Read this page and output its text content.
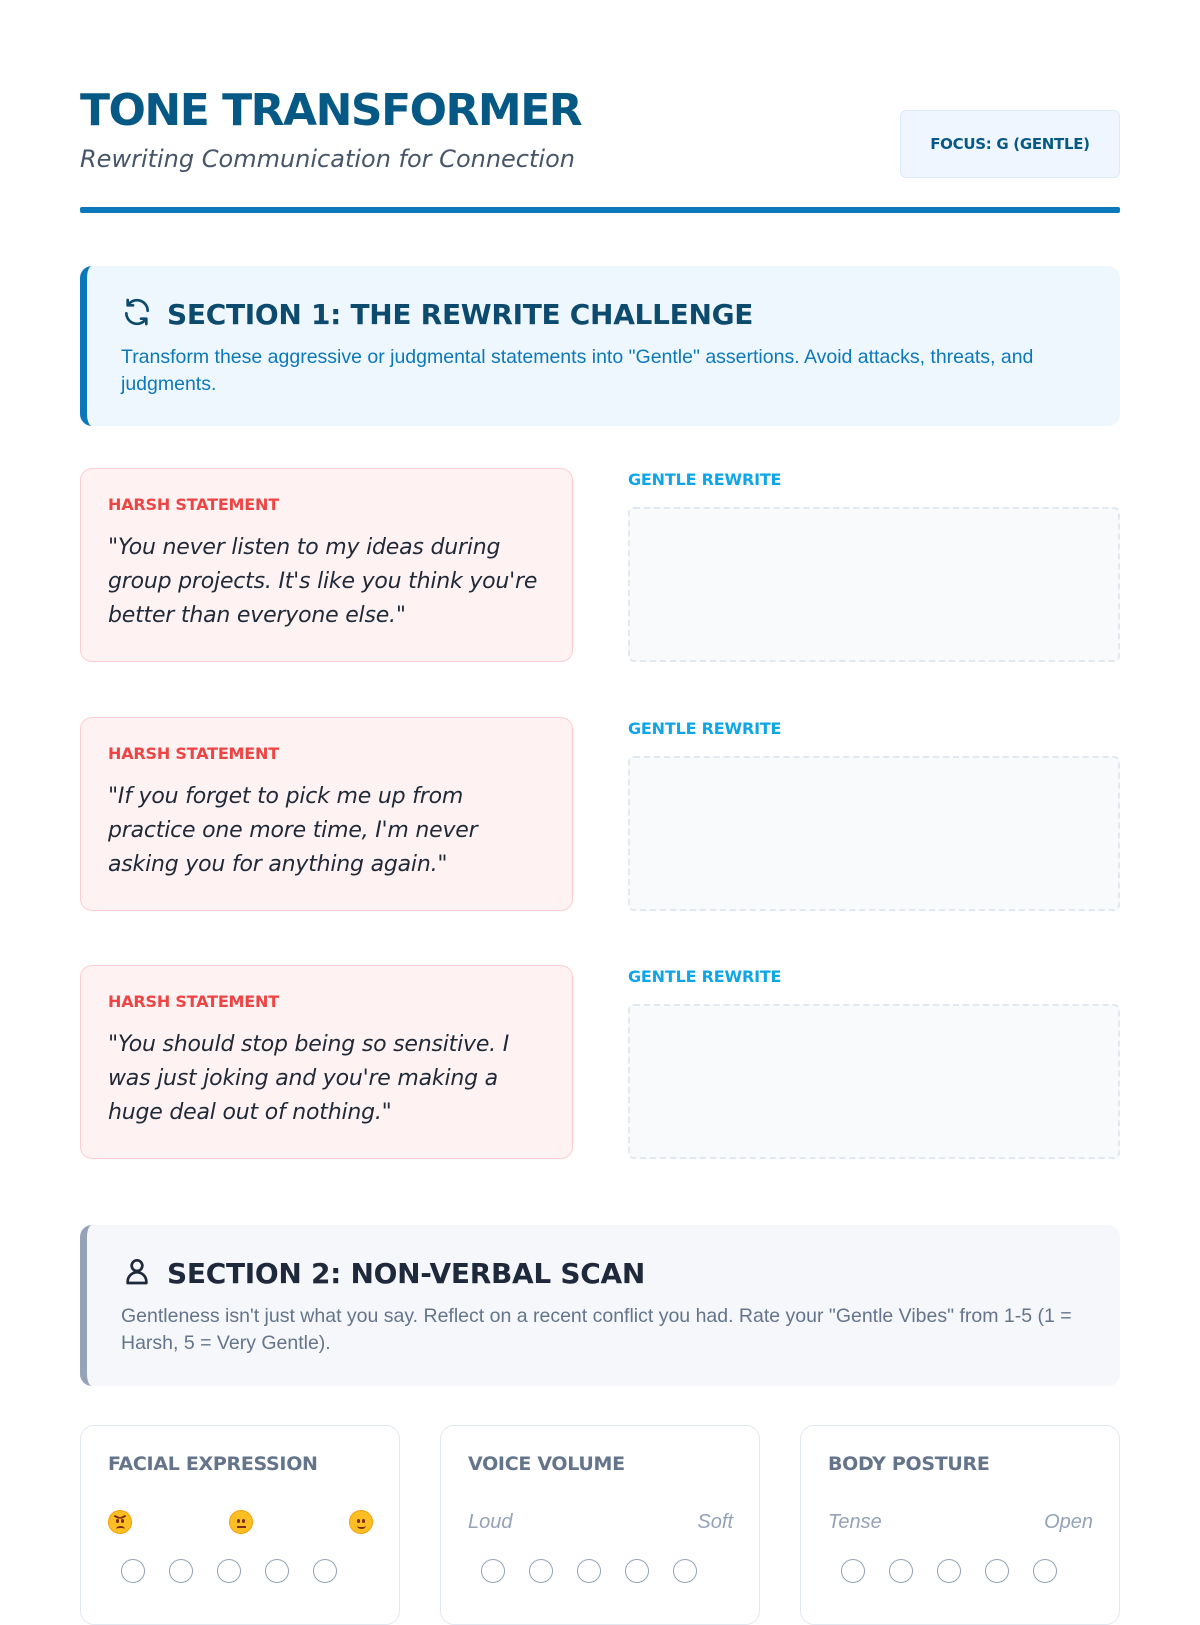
TONE TRANSFORMER
Rewriting Communication for Connection
FOCUS: G (GENTLE)
SECTION 1: THE REWRITE CHALLENGE
Transform these aggressive or judgmental statements into "Gentle" assertions. Avoid attacks, threats, and judgments.
HARSH STATEMENT
"You never listen to my ideas during group projects. It's like you think you're better than everyone else."
GENTLE REWRITE
HARSH STATEMENT
"If you forget to pick me up from practice one more time, I'm never asking you for anything again."
GENTLE REWRITE
HARSH STATEMENT
"You should stop being so sensitive. I was just joking and you're making a huge deal out of nothing."
GENTLE REWRITE
SECTION 2: NON-VERBAL SCAN
Gentleness isn't just what you say. Reflect on a recent conflict you had. Rate your "Gentle Vibes" from 1-5 (1 = Harsh, 5 = Very Gentle).
FACIAL EXPRESSION	VOICE VOLUME
Loud	Soft
BODY POSTURE
Tense	Open
